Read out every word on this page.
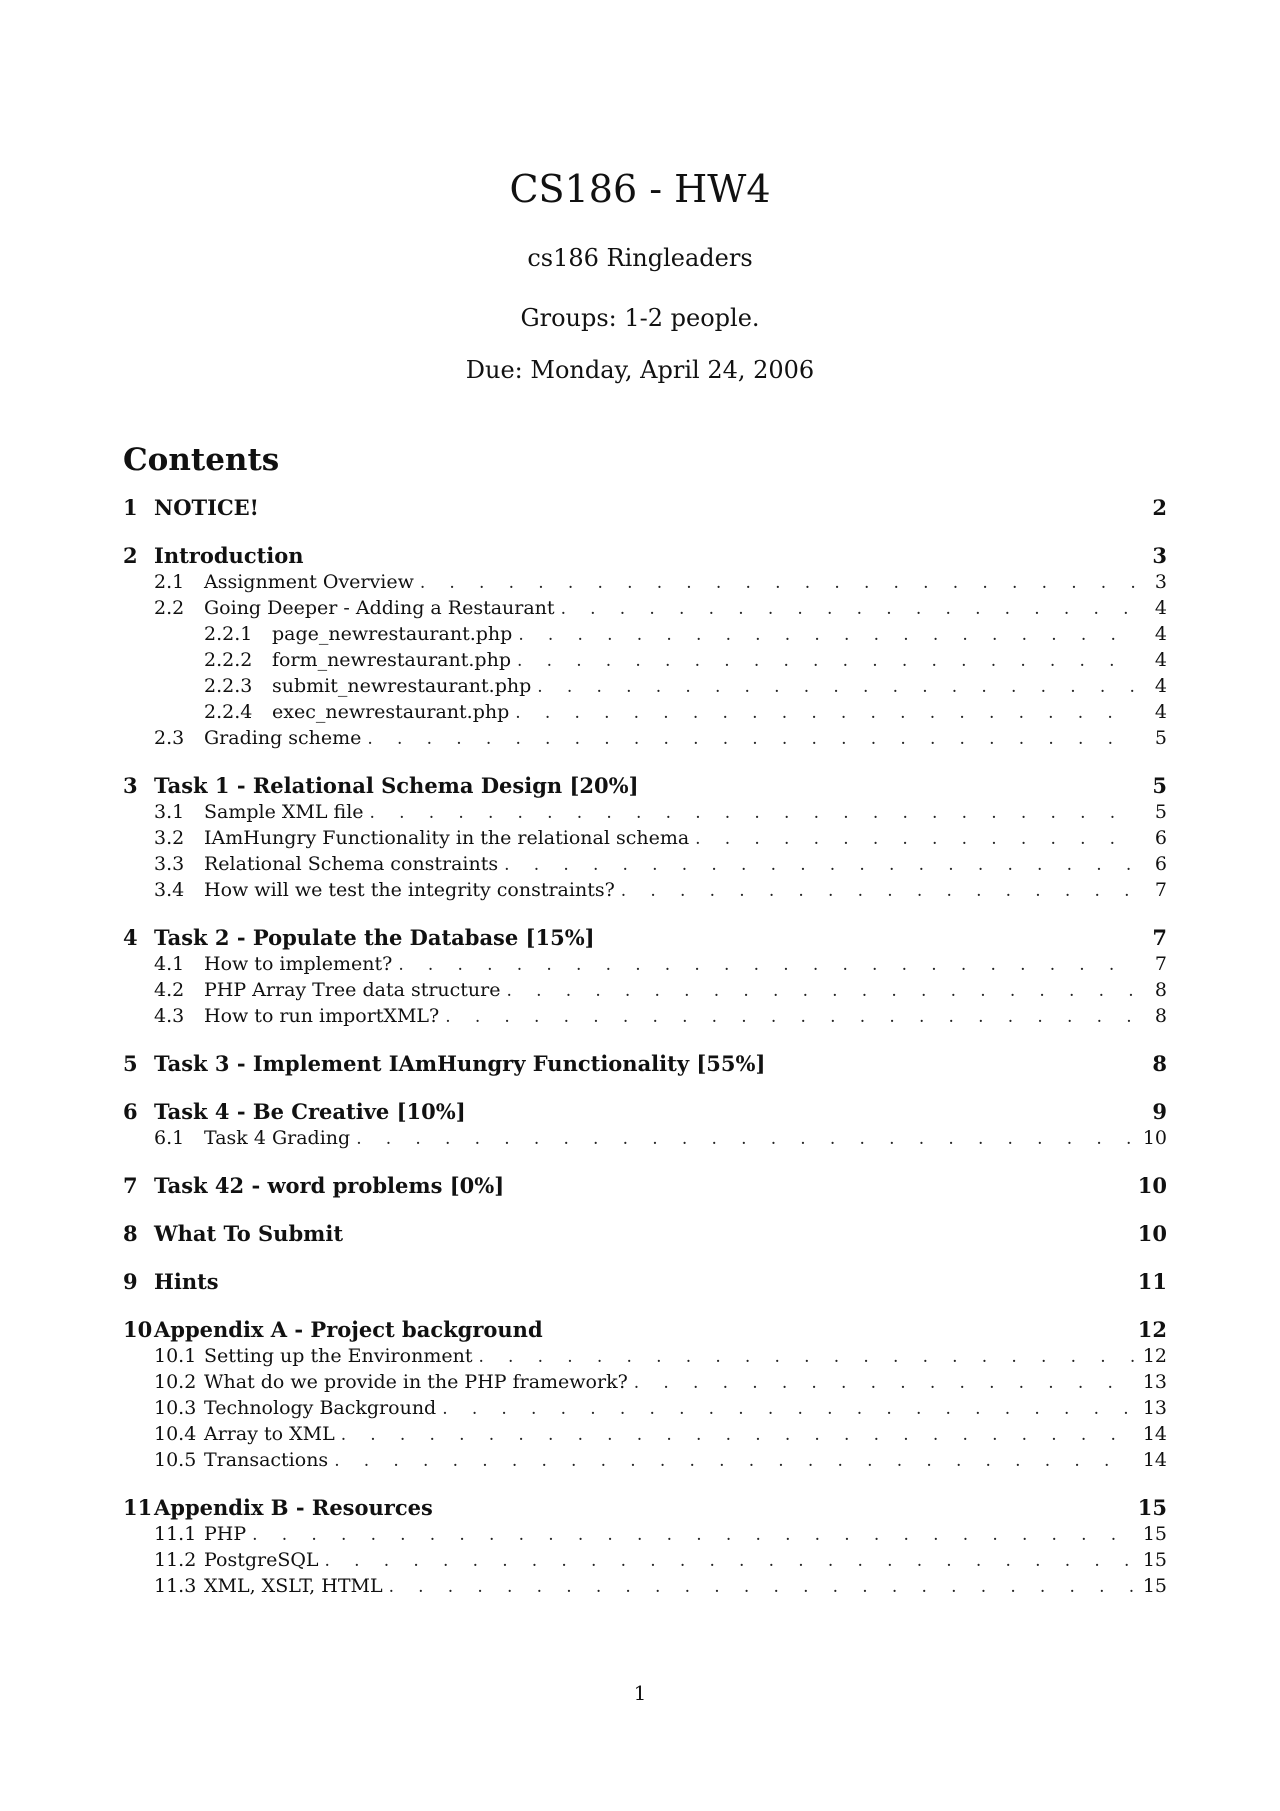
CS186 - HW4
cs186 Ringleaders
Groups: 1-2 people.
Due: Monday, April 24, 2006
Contents
1 NOTICE!	2
2 Introduction	3
2.1	Assignment Overview . . .	3
2.2	Going Deeper - Adding a Restaurant . . .	4
2.2.1	page_newrestaurant.php . . .	4
2.2.2	form_newrestaurant.php . . .	4
2.2.3	submit_newrestaurant.php . . .	4
2.2.4	exec_newrestaurant.php . . .	4
2.3	Grading scheme . . .	5
3 Task 1 - Relational Schema Design [20%]	5
3.1	Sample XML file . . .	5
3.2	IAmHungry Functionality in the relational schema . . .	6
3.3	Relational Schema constraints . . .	6
3.4	How will we test the integrity constraints? . . .	7
4 Task 2 - Populate the Database [15%]	7
4.1	How to implement? . . .	7
4.2	PHP Array Tree data structure . . .	8
4.3	How to run importXML? . . .	8
5 Task 3 - Implement IAmHungry Functionality [55%]	8
6 Task 4 - Be Creative [10%]	9
6.1	Task 4 Grading . . .	10
7 Task 42 - word problems [0%]	10
8 What To Submit	10
9 Hints	11
10 Appendix A - Project background	12
10.1 Setting up the Environment . . .	12
10.2 What do we provide in the PHP framework? . . .	13
10.3 Technology Background . . .	13
10.4 Array to XML . . .	14
10.5 Transactions . . .	14
11 Appendix B - Resources	15
11.1 PHP . . .	15
11.2 PostgreSQL . . .	15
11.3 XML, XSLT, HTML . . .	15
1
